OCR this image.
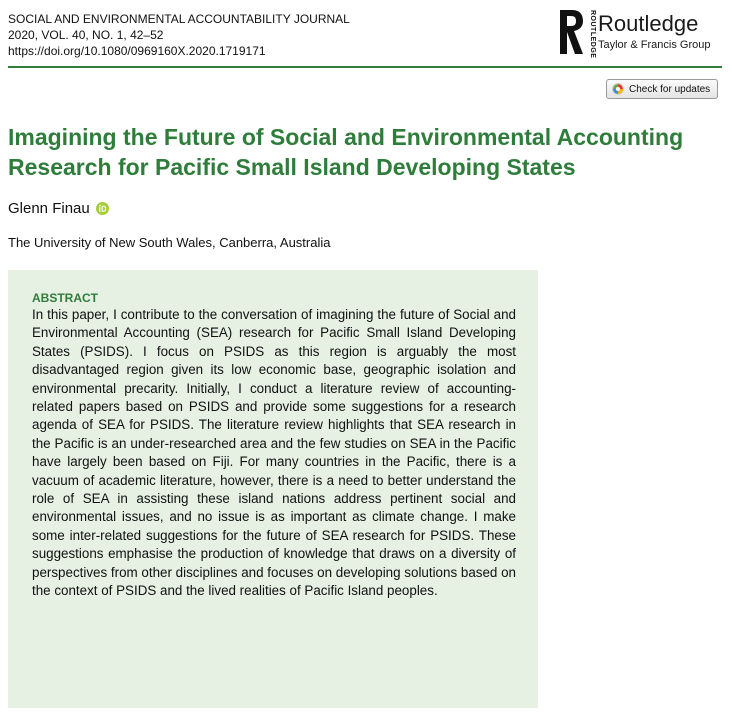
SOCIAL AND ENVIRONMENTAL ACCOUNTABILITY JOURNAL
2020, VOL. 40, NO. 1, 42–52
https://doi.org/10.1080/0969160X.2020.1719171	ROUTLEDGE Routledge
Taylor & Francis Group
Check for updates
Imagining the Future of Social and Environmental Accounting Research for Pacific Small Island Developing States
Glenn Finau
The University of New South Wales, Canberra, Australia
ABSTRACT

In this paper, I contribute to the conversation of imagining the future of Social and Environmental Accounting (SEA) research for Pacific Small Island Developing States (PSIDS). I focus on PSIDS as this region is arguably the most disadvantaged region given its low economic base, geographic isolation and environmental precarity. Initially, I conduct a literature review of accounting-related papers based on PSIDS and provide some suggestions for a research agenda of SEA for PSIDS. The literature review highlights that SEA research in the Pacific is an under-researched area and the few studies on SEA in the Pacific have largely been based on Fiji. For many countries in the Pacific, there is a vacuum of academic literature, however, there is a need to better understand the role of SEA in assisting these island nations address pertinent social and environmental issues, and no issue is as important as climate change. I make some inter-related suggestions for the future of SEA research for PSIDS. These suggestions emphasise the production of knowledge that draws on a diversity of perspectives from other disciplines and focuses on developing solutions based on the context of PSIDS and the lived realities of Pacific Island peoples.
